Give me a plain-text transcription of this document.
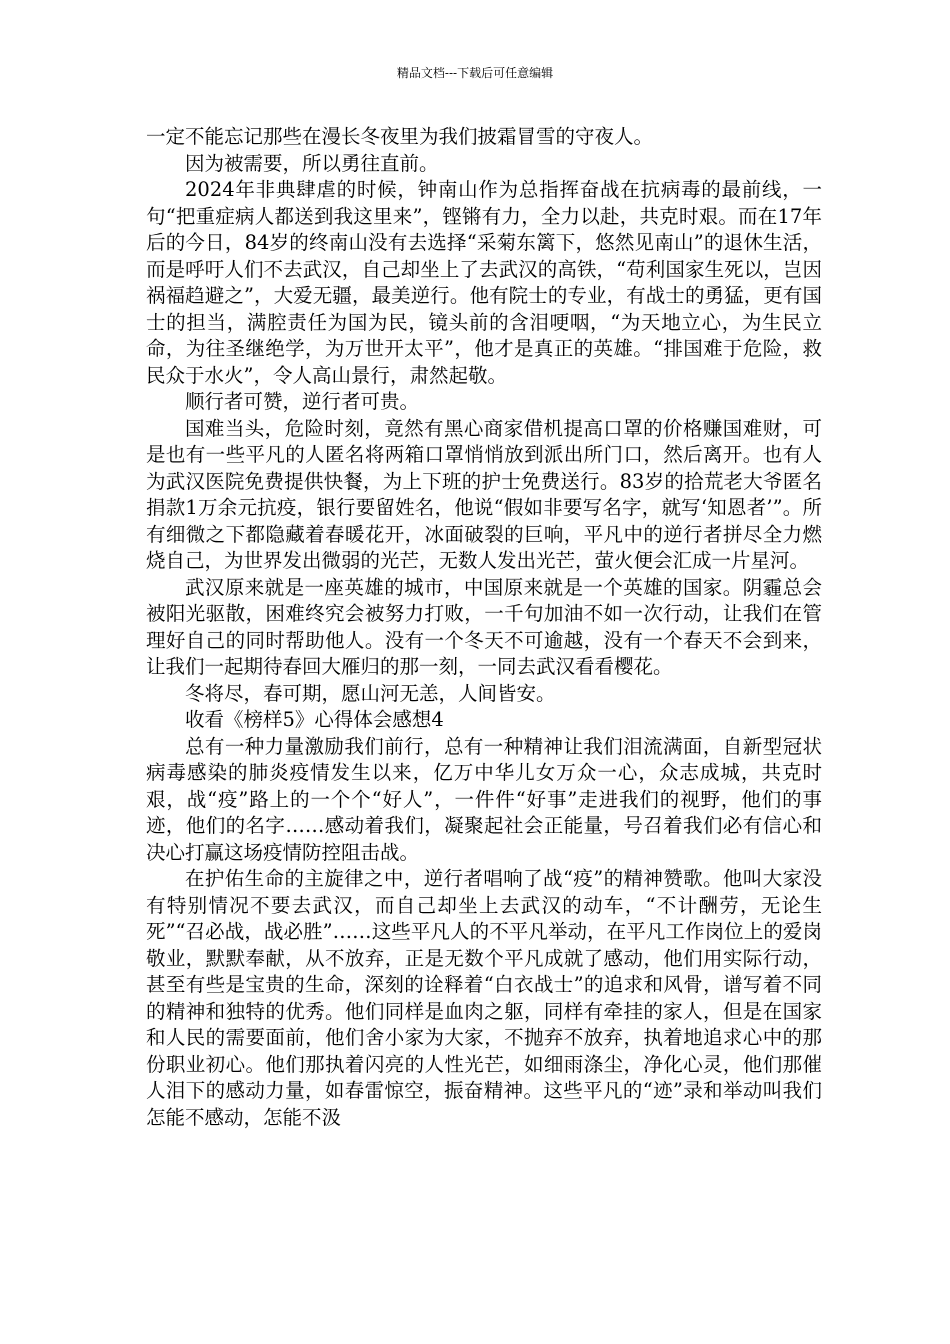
精品文档---下载后可任意编辑

一定不能忘记那些在漫长冬夜里为我们披霜冒雪的守夜人。

因为被需要，所以勇往直前。

2024年非典肆虐的时候，钟南山作为总指挥奋战在抗病毒的最前线，一句“把重症病人都送到我这里来”，铿锵有力，全力以赴，共克时艰。而在17年后的今日，84岁的终南山没有去选择“采菊东篱下，悠然见南山”的退休生活，而是呼吁人们不去武汉，自己却坐上了去武汉的高铁，“苟利国家生死以，岂因祸福趋避之”，大爱无疆，最美逆行。他有院士的专业，有战士的勇猛，更有国士的担当，满腔责任为国为民，镜头前的含泪哽咽，“为天地立心，为生民立命，为往圣继绝学，为万世开太平”，他才是真正的英雄。“排国难于危险，救民众于水火”，令人高山景行，肃然起敬。

顺行者可赞，逆行者可贵。

国难当头，危险时刻，竟然有黑心商家借机提高口罩的价格赚国难财，可是也有一些平凡的人匿名将两箱口罩悄悄放到派出所门口，然后离开。也有人为武汉医院免费提供快餐，为上下班的护士免费送行。83岁的拾荒老大爷匿名捐款1万余元抗疫，银行要留姓名，他说“假如非要写名字，就写‘知恩者’”。所有细微之下都隐藏着春暖花开，冰面破裂的巨响，平凡中的逆行者拼尽全力燃烧自己，为世界发出微弱的光芒，无数人发出光芒，萤火便会汇成一片星河。

武汉原来就是一座英雄的城市，中国原来就是一个英雄的国家。阴霾总会被阳光驱散，困难终究会被努力打败，一千句加油不如一次行动，让我们在管理好自己的同时帮助他人。没有一个冬天不可逾越，没有一个春天不会到来，让我们一起期待春回大雁归的那一刻，一同去武汉看看樱花。

冬将尽，春可期，愿山河无恙，人间皆安。

收看《榜样5》心得体会感想4

总有一种力量激励我们前行，总有一种精神让我们泪流满面，自新型冠状病毒感染的肺炎疫情发生以来，亿万中华儿女万众一心，众志成城，共克时艰，战“疫”路上的一个个“好人”，一件件“好事”走进我们的视野，他们的事迹，他们的名字……感动着我们，凝聚起社会正能量，号召着我们必有信心和决心打赢这场疫情防控阻击战。

在护佑生命的主旋律之中，逆行者唱响了战“疫”的精神赞歌。他叫大家没有特别情况不要去武汉，而自己却坐上去武汉的动车，“不计酬劳，无论生死”“召必战，战必胜”……这些平凡人的不平凡举动，在平凡工作岗位上的爱岗敬业，默默奉献，从不放弃，正是无数个平凡成就了感动，他们用实际行动，甚至有些是宝贵的生命，深刻的诠释着“白衣战士”的追求和风骨，谱写着不同的精神和独特的优秀。他们同样是血肉之躯，同样有牵挂的家人，但是在国家和人民的需要面前，他们舍小家为大家，不抛弃不放弃，执着地追求心中的那份职业初心。他们那执着闪亮的人性光芒，如细雨涤尘，净化心灵，他们那催人泪下的感动力量，如春雷惊空，振奋精神。这些平凡的“迹”录和举动叫我们怎能不感动，怎能不汲
